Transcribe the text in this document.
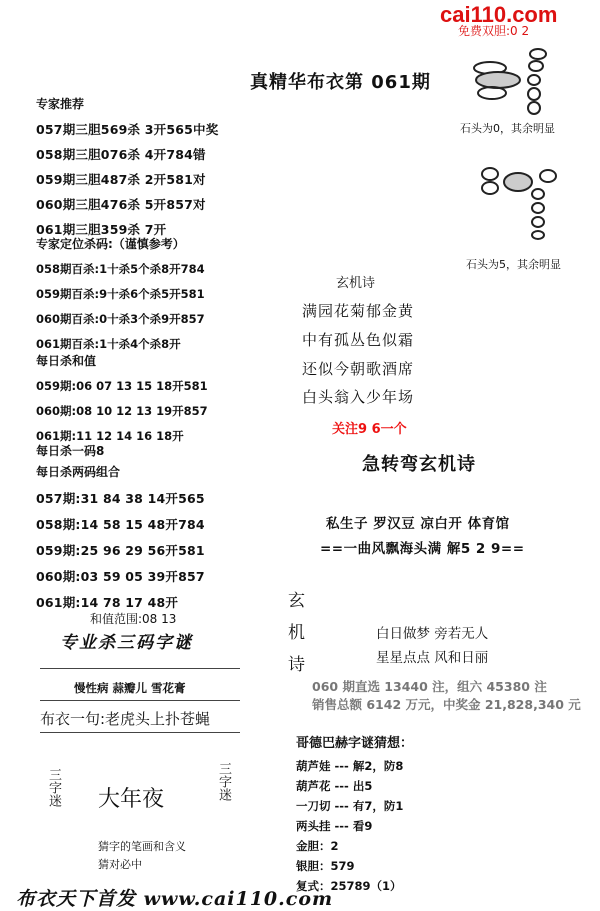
cai110.com
免费双胆:0 2
真精华布衣第 061期
专家推荐
057期三胆569杀 3开565中奖
058期三胆076杀 4开784错
059期三胆487杀 2开581对
060期三胆476杀 5开857对
061期三胆359杀 7开
专家定位杀码:（谨慎参考）
058期百杀:1十杀5个杀8开784
059期百杀:9十杀6个杀5开581
060期百杀:0十杀3个杀9开857
061期百杀:1十杀4个杀8开
每日杀和值
059期:06 07 13 15 18开581
060期:08 10 12 13 19开857
061期:11 12 14 16 18开
每日杀一码8
每日杀两码组合
057期:31 84 38 14开565
058期:14 58 15 48开784
059期:25 96 29 56开581
060期:03 59 05 39开857
061期:14 78 17 48开
和值范围:08 13
专业杀三码字谜
慢性病 蒜瓣儿 雪花膏
布衣一句:老虎头上扑苍蝇
三字迷	三字迷
大年夜
猜字的笔画和含义
猜对必中
石头为0，其余明显
石头为5，其余明显
玄机诗
满园花菊郁金黄
中有孤丛色似霜
还似今朝歌酒席
白头翁入少年场
关注9 6一个
急转弯玄机诗
私生子 罗汉豆 凉白开 体育馆
==一曲风飘海头满 解5 2 9==
玄
机
诗
白日做梦 旁若无人
星星点点 风和日丽
060 期直选 13440 注，组六 45380 注
销售总额 6142 万元，中奖金 21,828,340 元
哥德巴赫字谜猜想：
葫芦娃 --- 解2，防8
葫芦花 --- 出5
一刀切 --- 有7，防1
两头挂 --- 看9
金胆：2
银胆：579
复式：25789（1）
布衣天下首发 www.cai110.com
